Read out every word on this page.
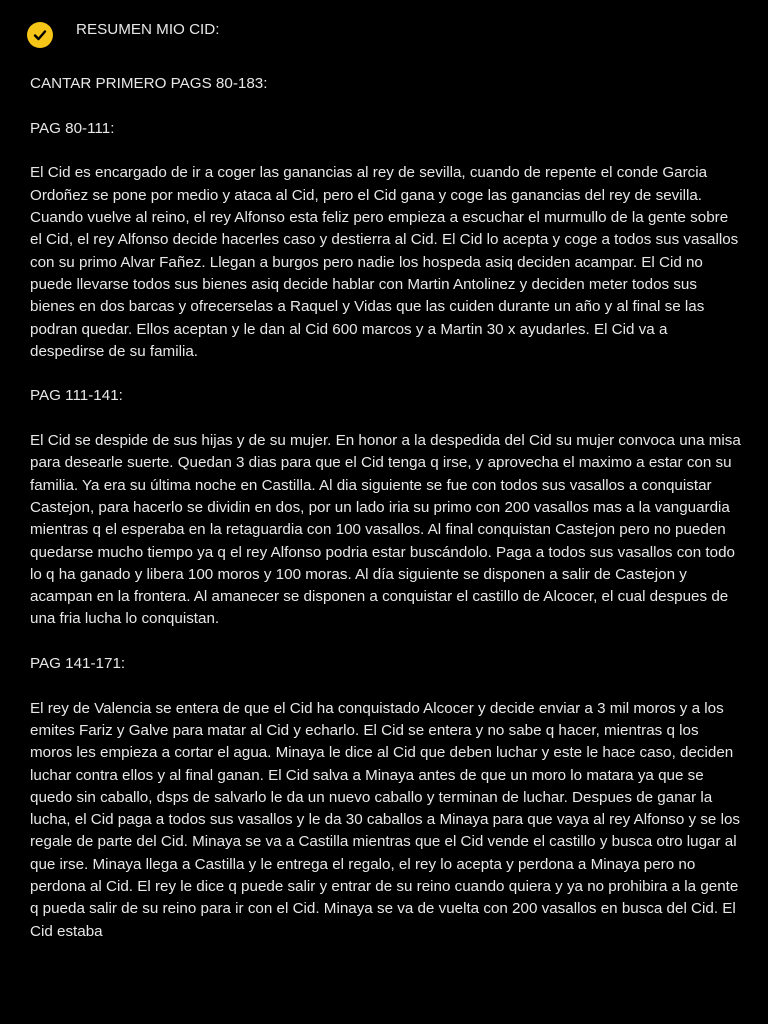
RESUMEN MIO CID:

CANTAR PRIMERO PAGS 80-183:

PAG 80-111:

El Cid es encargado de ir a coger las ganancias al rey de sevilla, cuando de repente el conde Garcia Ordoñez se pone por medio y ataca al Cid, pero el Cid gana y coge las ganancias del rey de sevilla. Cuando vuelve al reino, el rey Alfonso esta feliz pero empieza a escuchar el murmullo de la gente sobre el Cid, el rey Alfonso decide hacerles caso y destierra al Cid. El Cid lo acepta y coge a todos sus vasallos con su primo Alvar Fañez. Llegan a burgos pero nadie los hospeda asiq deciden acampar. El Cid no puede llevarse todos sus bienes asiq decide hablar con Martin Antolinez y deciden meter todos sus bienes en dos barcas y ofrecerselas a Raquel y Vidas que las cuiden durante un año y al final se las podran quedar. Ellos aceptan y le dan al Cid 600 marcos y a Martin 30 x ayudarles. El Cid va a despedirse de su familia.

PAG 111-141:

El Cid se despide de sus hijas y de su mujer. En honor a la despedida del Cid su mujer convoca una misa para desearle suerte. Quedan 3 dias para que el Cid tenga q irse, y aprovecha el maximo a estar con su familia. Ya era su última noche en Castilla. Al dia siguiente se fue con todos sus vasallos a conquistar Castejon, para hacerlo se dividin en dos, por un lado iria su primo con 200 vasallos mas a la vanguardia mientras q el esperaba en la retaguardia con 100 vasallos. Al final conquistan Castejon pero no pueden quedarse mucho tiempo ya q el rey Alfonso podria estar buscándolo. Paga a todos sus vasallos con todo lo q ha ganado y libera 100 moros y 100 moras. Al día siguiente se disponen a salir de Castejon y acampan en la frontera. Al amanecer se disponen a conquistar el castillo de Alcocer, el cual despues de una fria lucha lo conquistan.

PAG 141-171:

El rey de Valencia se entera de que el Cid ha conquistado Alcocer y decide enviar a 3 mil moros y a los emites Fariz y Galve para matar al Cid y echarlo. El Cid se entera y no sabe q hacer, mientras q los moros les empieza a cortar el agua. Minaya le dice al Cid que deben luchar y este le hace caso, deciden luchar contra ellos y al final ganan. El Cid salva a Minaya antes de que un moro lo matara ya que se quedo sin caballo, dsps de salvarlo le da un nuevo caballo y terminan de luchar. Despues de ganar la lucha, el Cid paga a todos sus vasallos y le da 30 caballos a Minaya para que vaya al rey Alfonso y se los regale de parte del Cid. Minaya se va a Castilla mientras que el Cid vende el castillo y busca otro lugar al que irse. Minaya llega a Castilla y le entrega el regalo, el rey lo acepta y perdona a Minaya pero no perdona al Cid. El rey le dice q puede salir y entrar de su reino cuando quiera y ya no prohibira a la gente q pueda salir de su reino para ir con el Cid. Minaya se va de vuelta con 200 vasallos en busca del Cid. El Cid estaba
